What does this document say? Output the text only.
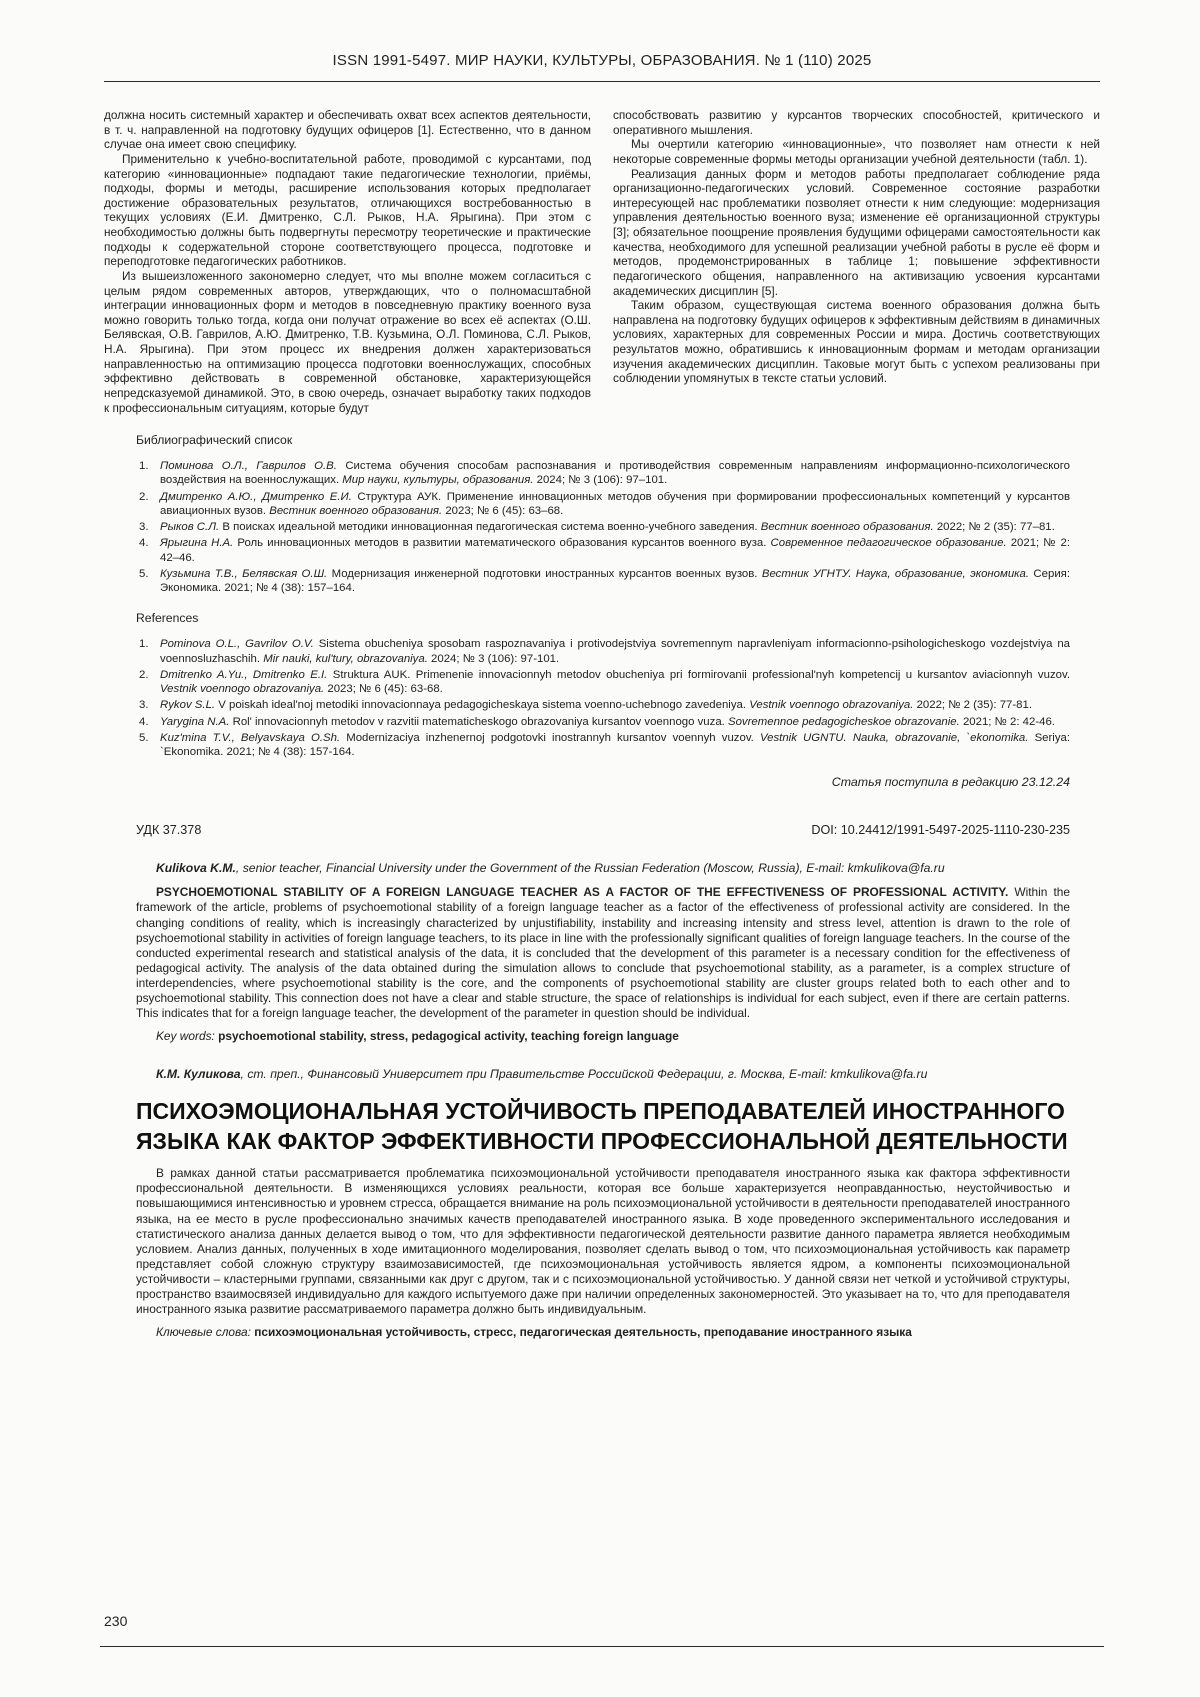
ISSN 1991-5497. МИР НАУКИ, КУЛЬТУРЫ, ОБРАЗОВАНИЯ. № 1 (110) 2025

должна носить системный характер и обеспечивать охват всех аспектов деятельности, в т. ч. направленной на подготовку будущих офицеров [1]. Естественно, что в данном случае она имеет свою специфику.

Применительно к учебно-воспитательной работе, проводимой с курсантами, под категорию «инновационные» подпадают такие педагогические технологии, приёмы, подходы, формы и методы, расширение использования которых предполагает достижение образовательных результатов, отличающихся востребованностью в текущих условиях (Е.И. Дмитренко, С.Л. Рыков, Н.А. Ярыгина). При этом с необходимостью должны быть подвергнуты пересмотру теоретические и практические подходы к содержательной стороне соответствующего процесса, подготовке и переподготовке педагогических работников.

Из вышеизложенного закономерно следует, что мы вполне можем согласиться с целым рядом современных авторов, утверждающих, что о полномасштабной интеграции инновационных форм и методов в повседневную практику военного вуза можно говорить только тогда, когда они получат отражение во всех её аспектах (О.Ш. Белявская, О.В. Гаврилов, А.Ю. Дмитренко, Т.В. Кузьмина, О.Л. Поминова, С.Л. Рыков, Н.А. Ярыгина). При этом процесс их внедрения должен характеризоваться направленностью на оптимизацию процесса подготовки военнослужащих, способных эффективно действовать в современной обстановке, характеризующейся непредсказуемой динамикой. Это, в свою очередь, означает выработку таких подходов к профессиональным ситуациям, которые будут

способствовать развитию у курсантов творческих способностей, критического и оперативного мышления.

Мы очертили категорию «инновационные», что позволяет нам отнести к ней некоторые современные формы методы организации учебной деятельности (табл. 1).

Реализация данных форм и методов работы предполагает соблюдение ряда организационно-педагогических условий. Современное состояние разработки интересующей нас проблематики позволяет отнести к ним следующие: модернизация управления деятельностью военного вуза; изменение её организационной структуры [3]; обязательное поощрение проявления будущими офицерами самостоятельности как качества, необходимого для успешной реализации учебной работы в русле её форм и методов, продемонстрированных в таблице 1; повышение эффективности педагогического общения, направленного на активизацию усвоения курсантами академических дисциплин [5].

Таким образом, существующая система военного образования должна быть направлена на подготовку будущих офицеров к эффективным действиям в динамичных условиях, характерных для современных России и мира. Достичь соответствующих результатов можно, обратившись к инновационным формам и методам организации изучения академических дисциплин. Таковые могут быть с успехом реализованы при соблюдении упомянутых в тексте статьи условий.

Библиографический список
Поминова О.Л., Гаврилов О.В. Система обучения способам распознавания и противодействия современным направлениям информационно-психологического воздействия на военнослужащих. Мир науки, культуры, образования. 2024; № 3 (106): 97–101.
Дмитренко А.Ю., Дмитренко Е.И. Структура АУК. Применение инновационных методов обучения при формировании профессиональных компетенций у курсантов авиационных вузов. Вестник военного образования. 2023; № 6 (45): 63–68.
Рыков С.Л. В поисках идеальной методики инновационная педагогическая система военно-учебного заведения. Вестник военного образования. 2022; № 2 (35): 77–81.
Ярыгина Н.А. Роль инновационных методов в развитии математического образования курсантов военного вуза. Современное педагогическое образование. 2021; № 2: 42–46.
Кузьмина Т.В., Белявская О.Ш. Модернизация инженерной подготовки иностранных курсантов военных вузов. Вестник УГНТУ. Наука, образование, экономика. Серия: Экономика. 2021; № 4 (38): 157–164.
References
Pominova O.L., Gavrilov O.V. Sistema obucheniya sposobam raspoznavaniya i protivodejstviya sovremennym napravleniyam informacionno-psihologicheskogo vozdejstviya na voennosluzhaschih. Mir nauki, kul'tury, obrazovaniya. 2024; № 3 (106): 97-101.
Dmitrenko A.Yu., Dmitrenko E.I. Struktura AUK. Primenenie innovacionnyh metodov obucheniya pri formirovanii professional'nyh kompetencij u kursantov aviacionnyh vuzov. Vestnik voennogo obrazovaniya. 2023; № 6 (45): 63-68.
Rykov S.L. V poiskah ideal'noj metodiki innovacionnaya pedagogicheskaya sistema voenno-uchebnogo zavedeniya. Vestnik voennogo obrazovaniya. 2022; № 2 (35): 77-81.
Yarygina N.A. Rol' innovacionnyh metodov v razvitii matematicheskogo obrazovaniya kursantov voennogo vuza. Sovremennoe pedagogicheskoe obrazovanie. 2021; № 2: 42-46.
Kuz'mina T.V., Belyavskaya O.Sh. Modernizaciya inzhenernoj podgotovki inostrannyh kursantov voennyh vuzov. Vestnik UGNTU. Nauka, obrazovanie, `ekonomika. Seriya: `Ekonomika. 2021; № 4 (38): 157-164.
Статья поступила в редакцию 23.12.24
УДК 37.378	DOI: 10.24412/1991-5497-2025-1110-230-235

Kulikova K.M., senior teacher, Financial University under the Government of the Russian Federation (Moscow, Russia), E-mail: kmkulikova@fa.ru

PSYCHOEMOTIONAL STABILITY OF A FOREIGN LANGUAGE TEACHER AS A FACTOR OF THE EFFECTIVENESS OF PROFESSIONAL ACTIVITY. Within the framework of the article, problems of psychoemotional stability of a foreign language teacher as a factor of the effectiveness of professional activity are considered. In the changing conditions of reality, which is increasingly characterized by unjustifiability, instability and increasing intensity and stress level, attention is drawn to the role of psychoemotional stability in activities of foreign language teachers, to its place in line with the professionally significant qualities of foreign language teachers. In the course of the conducted experimental research and statistical analysis of the data, it is concluded that the development of this parameter is a necessary condition for the effectiveness of pedagogical activity. The analysis of the data obtained during the simulation allows to conclude that psychoemotional stability, as a parameter, is a complex structure of interdependencies, where psychoemotional stability is the core, and the components of psychoemotional stability are cluster groups related both to each other and to psychoemotional stability. This connection does not have a clear and stable structure, the space of relationships is individual for each subject, even if there are certain patterns. This indicates that for a foreign language teacher, the development of the parameter in question should be individual.

Key words: psychoemotional stability, stress, pedagogical activity, teaching foreign language

К.М. Куликова, ст. преп., Финансовый Университет при Правительстве Российской Федерации, г. Москва, E-mail: kmkulikova@fa.ru

ПСИХОЭМОЦИОНАЛЬНАЯ УСТОЙЧИВОСТЬ ПРЕПОДАВАТЕЛЕЙ ИНОСТРАННОГО ЯЗЫКА КАК ФАКТОР ЭФФЕКТИВНОСТИ ПРОФЕССИОНАЛЬНОЙ ДЕЯТЕЛЬНОСТИ

В рамках данной статьи рассматривается проблематика психоэмоциональной устойчивости преподавателя иностранного языка как фактора эффективности профессиональной деятельности. В изменяющихся условиях реальности, которая все больше характеризуется неоправданностью, неустойчивостью и повышающимися интенсивностью и уровнем стресса, обращается внимание на роль психоэмоциональной устойчивости в деятельности преподавателей иностранного языка, на ее место в русле профессионально значимых качеств преподавателей иностранного языка. В ходе проведенного экспериментального исследования и статистического анализа данных делается вывод о том, что для эффективности педагогической деятельности развитие данного параметра является необходимым условием. Анализ данных, полученных в ходе имитационного моделирования, позволяет сделать вывод о том, что психоэмоциональная устойчивость как параметр представляет собой сложную структуру взаимозависимостей, где психоэмоциональная устойчивость является ядром, а компоненты психоэмоциональной устойчивости – кластерными группами, связанными как друг с другом, так и с психоэмоциональной устойчивостью. У данной связи нет четкой и устойчивой структуры, пространство взаимосвязей индивидуально для каждого испытуемого даже при наличии определенных закономерностей. Это указывает на то, что для преподавателя иностранного языка развитие рассматриваемого параметра должно быть индивидуальным.

Ключевые слова: психоэмоциональная устойчивость, стресс, педагогическая деятельность, преподавание иностранного языка

230
